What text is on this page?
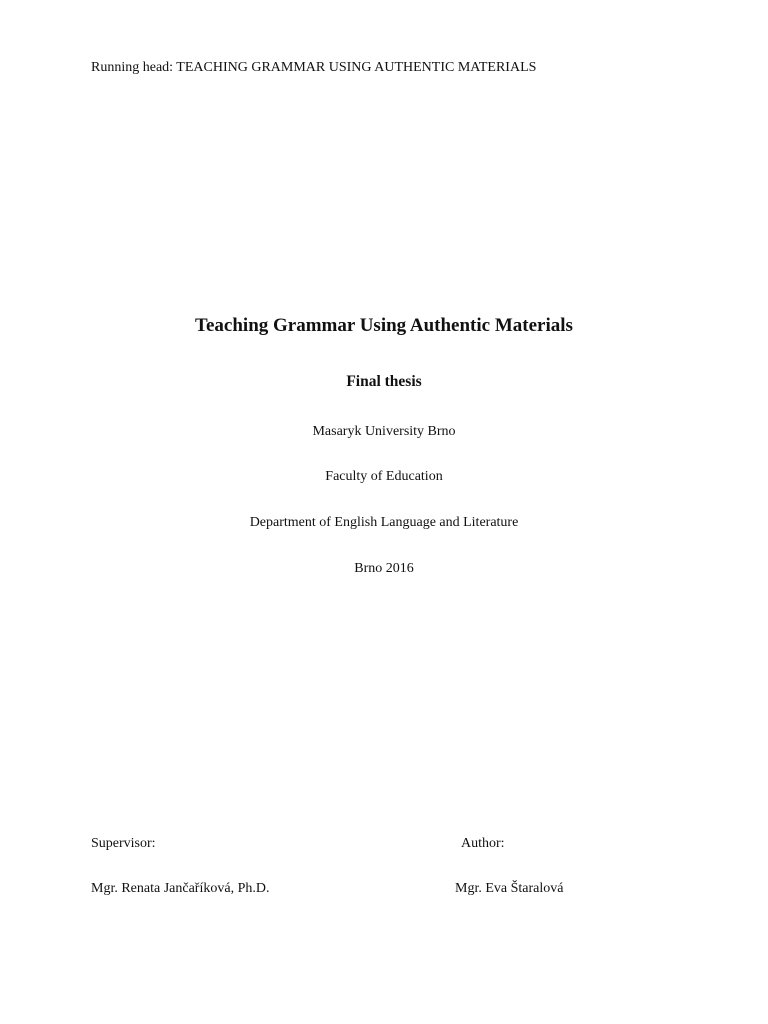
Running head: TEACHING GRAMMAR USING AUTHENTIC MATERIALS
Teaching Grammar Using Authentic Materials
Final thesis
Masaryk University Brno
Faculty of Education
Department of English Language and Literature
Brno 2016
Supervisor:
Mgr. Renata Jančaříková, Ph.D.
Author:
Mgr. Eva Štaralová
